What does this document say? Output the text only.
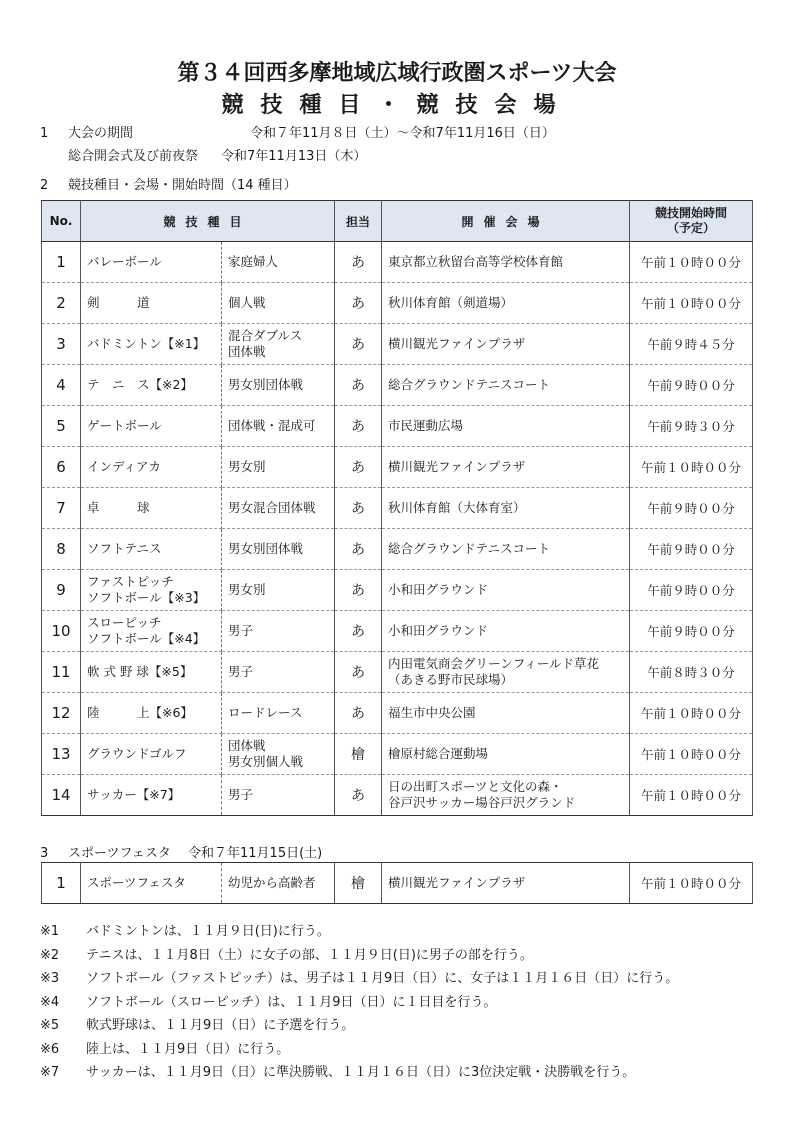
第３４回西多摩地域広域行政圏スポーツ大会
競技種目・競技会場
1 大会の期間	令和７年11月８日（土）～令和7年11月16日（日）
総合開会式及び前夜祭 令和7年11月13日（木）
2 競技種目・会場・開始時間（14 種目）
No.	競技種目		担当	開催会場	競技開始時間
（予定）

1	バレーボール	家庭婦人	あ	東京都立秋留台高等学校体育館	午前１０時００分
2	剣　　　道	個人戦	あ	秋川体育館（剣道場）	午前１０時００分
3	バドミントン【※1】	混合ダブルス
団体戦	あ	横川観光ファインプラザ	午前９時４５分
4	テ　ニ　ス【※2】	男女別団体戦	あ	総合グラウンドテニスコート	午前９時００分
5	ゲートボール	団体戦・混成可	あ	市民運動広場	午前９時３０分
6	インディアカ	男女別	あ	横川観光ファインプラザ	午前１０時００分
7	卓　　　球	男女混合団体戦	あ	秋川体育館（大体育室）	午前９時００分
8	ソフトテニス	男女別団体戦	あ	総合グラウンドテニスコート	午前９時００分
9	ファストピッチ
ソフトボール【※3】	男女別	あ	小和田グラウンド	午前９時００分
10	スローピッチ
ソフトボール【※4】	男子	あ	小和田グラウンド	午前９時００分
11	軟 式 野 球【※5】	男子	あ	内田電気商会グリーンフィールド草花
（あきる野市民球場）	午前８時３０分
12	陸　　　上【※6】	ロードレース	あ	福生市中央公園	午前１０時００分
13	グラウンドゴルフ	団体戦
男女別個人戦	檜	檜原村総合運動場	午前１０時００分
14	サッカー【※7】	男子	あ	日の出町スポーツと文化の森・
谷戸沢サッカー場谷戸沢グランド	午前１０時００分
3 スポーツフェスタ 令和７年11月15日(土)
1	スポーツフェスタ	幼児から高齢者	檜	横川観光ファインプラザ	午前１０時００分
※1 バドミントンは、１１月９日(日)に行う。
※2 テニスは、１１月8日（土）に女子の部、１１月９日(日)に男子の部を行う。
※3 ソフトボール（ファストピッチ）は、男子は１１月9日（日）に、女子は１１月１６日（日）に行う。
※4 ソフトボール（スローピッチ）は、１１月9日（日）に１日目を行う。
※5 軟式野球は、１１月9日（日）に予選を行う。
※6 陸上は、１１月9日（日）に行う。
※7 サッカーは、１１月9日（日）に準決勝戦、１１月１６日（日）に3位決定戦・決勝戦を行う。
